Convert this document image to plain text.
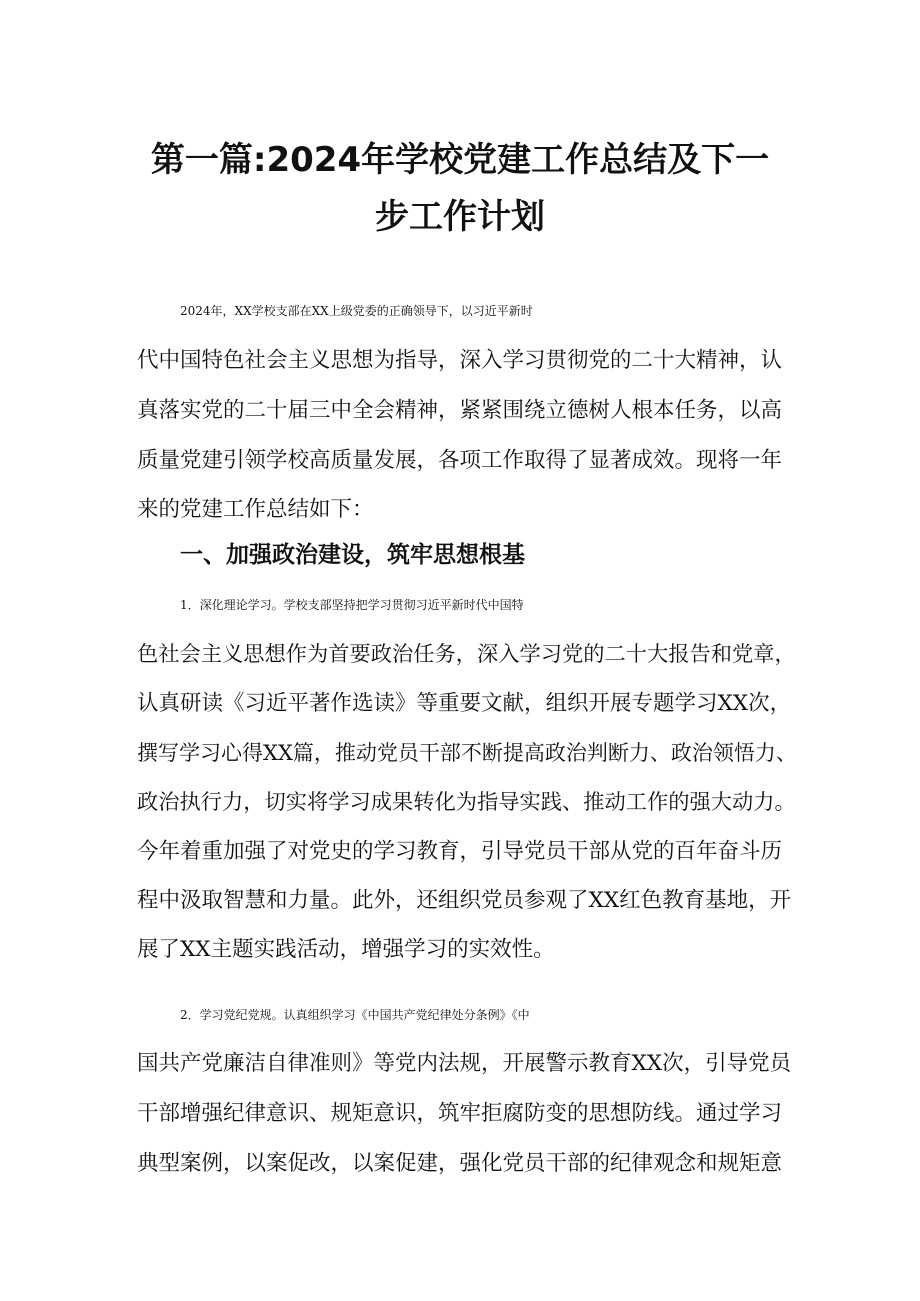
第一篇:2024年学校党建工作总结及下一
步工作计划

2024年，XX学校支部在XX上级党委的正确领导下，以习近平新时

代中国特色社会主义思想为指导，深入学习贯彻党的二十大精神，认

真落实党的二十届三中全会精神，紧紧围绕立德树人根本任务，以高

质量党建引领学校高质量发展，各项工作取得了显著成效。现将一年

来的党建工作总结如下：

一、加强政治建设，筑牢思想根基

1．深化理论学习。学校支部坚持把学习贯彻习近平新时代中国特

色社会主义思想作为首要政治任务，深入学习党的二十大报告和党章，

认真研读《习近平著作选读》等重要文献，组织开展专题学习XX次，

撰写学习心得XX篇，推动党员干部不断提高政治判断力、政治领悟力、

政治执行力，切实将学习成果转化为指导实践、推动工作的强大动力。

今年着重加强了对党史的学习教育，引导党员干部从党的百年奋斗历

程中汲取智慧和力量。此外，还组织党员参观了XX红色教育基地，开

展了XX主题实践活动，增强学习的实效性。

2．学习党纪党规。认真组织学习《中国共产党纪律处分条例》《中

国共产党廉洁自律准则》等党内法规，开展警示教育XX次，引导党员

干部增强纪律意识、规矩意识，筑牢拒腐防变的思想防线。通过学习

典型案例，以案促改，以案促建，强化党员干部的纪律观念和规矩意
